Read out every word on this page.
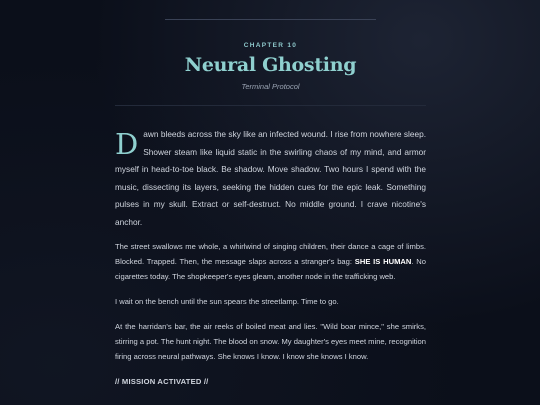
CHAPTER 10
Neural Ghosting
Terminal Protocol

Dawn bleeds across the sky like an infected wound. I rise from nowhere sleep. Shower steam like liquid static in the swirling chaos of my mind, and armor myself in head-to-toe black. Be shadow. Move shadow. Two hours I spend with the music, dissecting its layers, seeking the hidden cues for the epic leak. Something pulses in my skull. Extract or self-destruct. No middle ground. I crave nicotine's anchor.

The street swallows me whole, a whirlwind of singing children, their dance a cage of limbs. Blocked. Trapped. Then, the message slaps across a stranger's bag: SHE IS HUMAN. No cigarettes today. The shopkeeper's eyes gleam, another node in the trafficking web.

I wait on the bench until the sun spears the streetlamp. Time to go.

At the harridan's bar, the air reeks of boiled meat and lies. "Wild boar mince," she smirks, stirring a pot. The hunt night. The blood on snow. My daughter's eyes meet mine, recognition firing across neural pathways. She knows I know. I know she knows I know.

// MISSION ACTIVATED //
